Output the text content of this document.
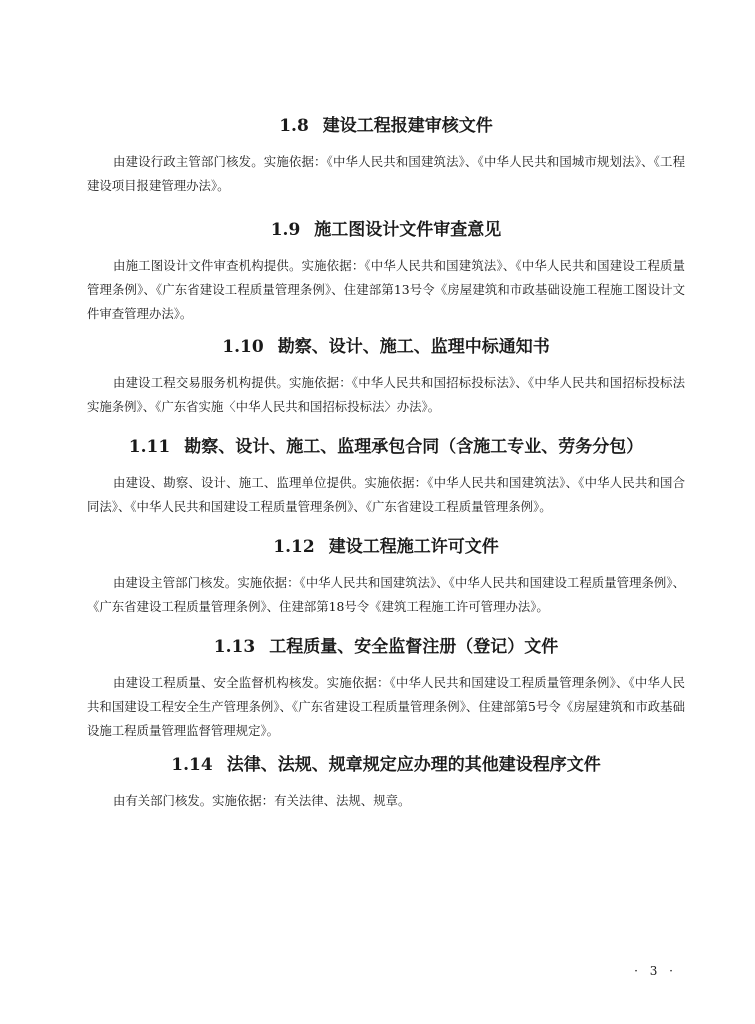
1.8 建设工程报建审核文件

由建设行政主管部门核发。实施依据：《中华人民共和国建筑法》、《中华人民共和国城市规划法》、《工程建设项目报建管理办法》。

1.9 施工图设计文件审查意见

由施工图设计文件审查机构提供。实施依据：《中华人民共和国建筑法》、《中华人民共和国建设工程质量管理条例》、《广东省建设工程质量管理条例》、住建部第13号令《房屋建筑和市政基础设施工程施工图设计文件审查管理办法》。

1.10 勘察、设计、施工、监理中标通知书

由建设工程交易服务机构提供。实施依据：《中华人民共和国招标投标法》、《中华人民共和国招标投标法实施条例》、《广东省实施〈中华人民共和国招标投标法〉办法》。

1.11 勘察、设计、施工、监理承包合同（含施工专业、劳务分包）

由建设、勘察、设计、施工、监理单位提供。实施依据：《中华人民共和国建筑法》、《中华人民共和国合同法》、《中华人民共和国建设工程质量管理条例》、《广东省建设工程质量管理条例》。

1.12 建设工程施工许可文件

由建设主管部门核发。实施依据：《中华人民共和国建筑法》、《中华人民共和国建设工程质量管理条例》、《广东省建设工程质量管理条例》、住建部第18号令《建筑工程施工许可管理办法》。

1.13 工程质量、安全监督注册（登记）文件

由建设工程质量、安全监督机构核发。实施依据：《中华人民共和国建设工程质量管理条例》、《中华人民共和国建设工程安全生产管理条例》、《广东省建设工程质量管理条例》、住建部第5号令《房屋建筑和市政基础设施工程质量管理监督管理规定》。

1.14 法律、法规、规章规定应办理的其他建设程序文件

由有关部门核发。实施依据：有关法律、法规、规章。

· 3 ·
